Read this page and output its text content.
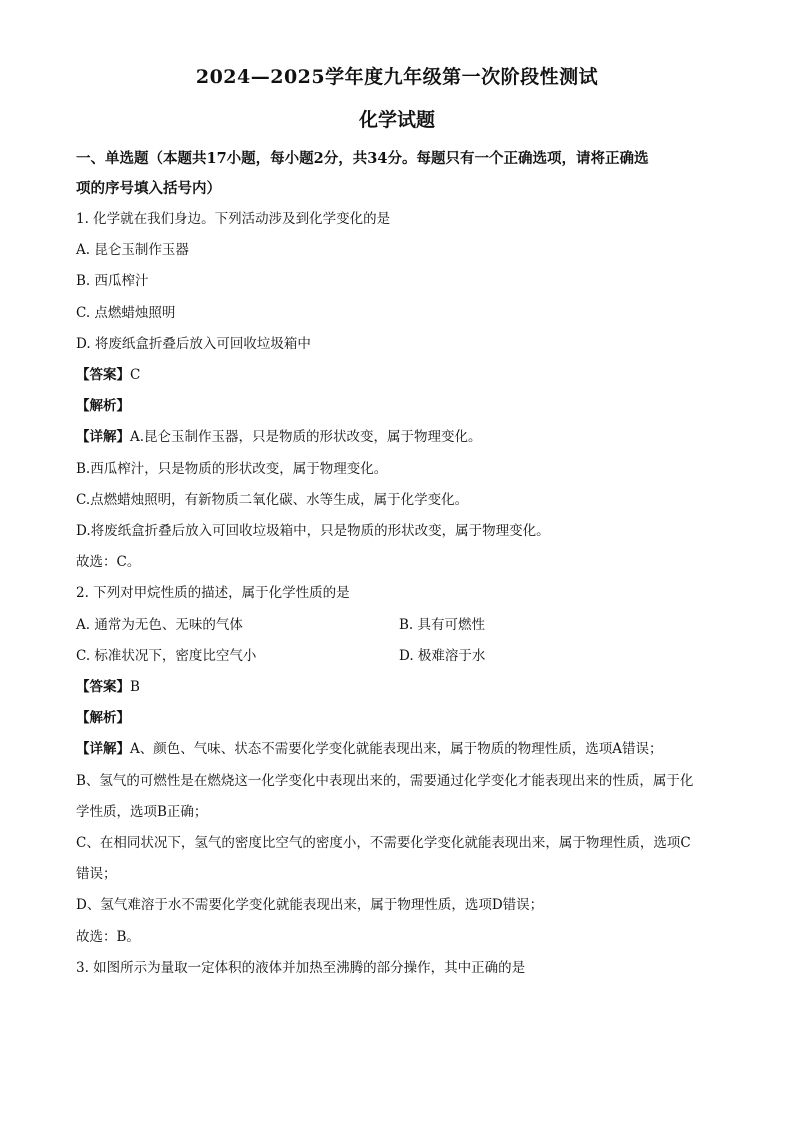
2024—2025学年度九年级第一次阶段性测试
化学试题

一、单选题（本题共17小题，每小题2分，共34分。每题只有一个正确选项，请将正确选

项的序号填入括号内）

1. 化学就在我们身边。下列活动涉及到化学变化的是

A. 昆仑玉制作玉器

B. 西瓜榨汁

C. 点燃蜡烛照明

D. 将废纸盒折叠后放入可回收垃圾箱中

【答案】C

【解析】

【详解】A.昆仑玉制作玉器，只是物质的形状改变，属于物理变化。

B.西瓜榨汁，只是物质的形状改变，属于物理变化。

C.点燃蜡烛照明，有新物质二氧化碳、水等生成，属于化学变化。

D.将废纸盒折叠后放入可回收垃圾箱中，只是物质的形状改变，属于物理变化。

故选：C。

2. 下列对甲烷性质的描述，属于化学性质的是

A. 通常为无色、无味的气体	B. 具有可燃性
C. 标准状况下，密度比空气小	D. 极难溶于水

【答案】B

【解析】

【详解】A、颜色、气味、状态不需要化学变化就能表现出来，属于物质的物理性质，选项A错误；

B、氢气的可燃性是在燃烧这一化学变化中表现出来的，需要通过化学变化才能表现出来的性质，属于化

学性质，选项B正确；

C、在相同状况下，氢气的密度比空气的密度小，不需要化学变化就能表现出来，属于物理性质，选项C

错误；

D、氢气难溶于水不需要化学变化就能表现出来，属于物理性质，选项D错误；

故选：B。

3. 如图所示为量取一定体积的液体并加热至沸腾的部分操作，其中正确的是
